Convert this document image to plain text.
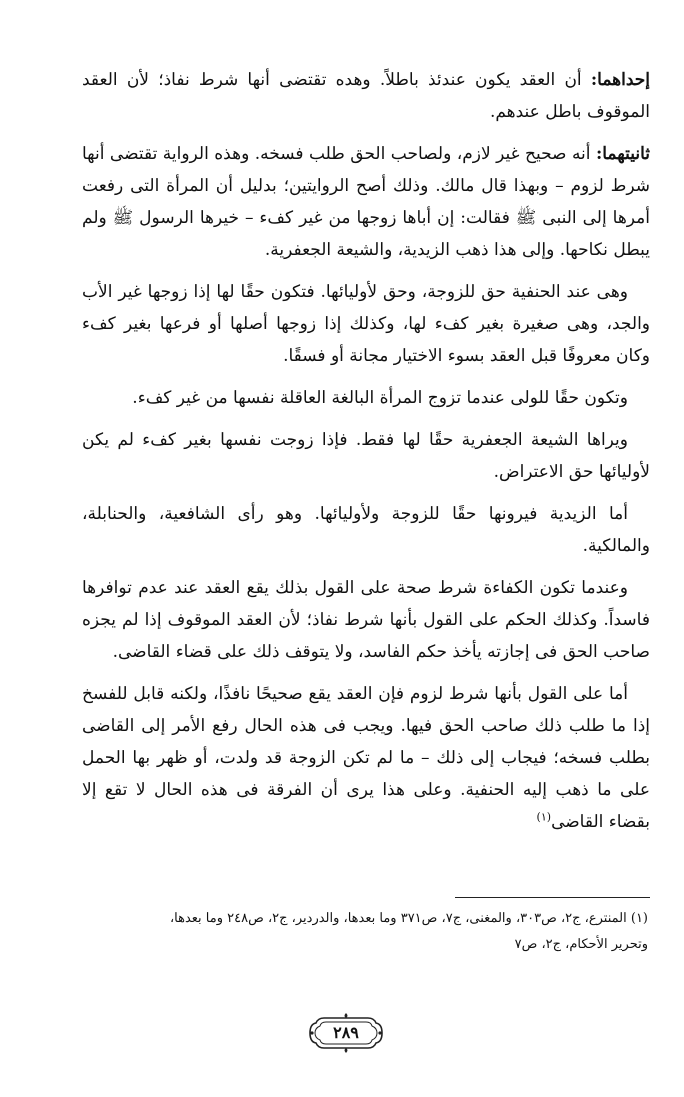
إحداهما: أن العقد يكون عندئذ باطلاً. وهده تقتضى أنها شرط نفاذ؛ لأن العقد الموقوف باطل عندهم.

ثانيتهما: أنه صحيح غير لازم، ولصاحب الحق طلب فسخه. وهذه الرواية تقتضى أنها شرط لزوم – وبهذا قال مالك. وذلك أصح الروايتين؛ بدليل أن المرأة التى رفعت أمرها إلى النبى ﷺ فقالت: إن أباها زوجها من غير كفء – خيرها الرسول ﷺ ولم يبطل نكاحها. وإلى هذا ذهب الزيدية، والشيعة الجعفرية.

وهى عند الحنفية حق للزوجة، وحق لأوليائها. فتكون حقًا لها إذا زوجها غير الأب والجد، وهى صغيرة بغير كفء لها، وكذلك إذا زوجها أصلها أو فرعها بغير كفء وكان معروفًا قبل العقد بسوء الاختيار مجانة أو فسقًا.

وتكون حقًا للولى عندما تزوج المرأة البالغة العاقلة نفسها من غير كفء.

ويراها الشيعة الجعفرية حقًا لها فقط. فإذا زوجت نفسها بغير كفء لم يكن لأوليائها حق الاعتراض.

أما الزيدية فيرونها حقًا للزوجة ولأوليائها. وهو رأى الشافعية، والحنابلة، والمالكية.

وعندما تكون الكفاءة شرط صحة على القول بذلك يقع العقد عند عدم توافرها فاسداً. وكذلك الحكم على القول بأنها شرط نفاذ؛ لأن العقد الموقوف إذا لم يجزه صاحب الحق فى إجازته يأخذ حكم الفاسد، ولا يتوقف ذلك على قضاء القاضى.

أما على القول بأنها شرط لزوم فإن العقد يقع صحيحًا نافذًا، ولكنه قابل للفسخ إذا ما طلب ذلك صاحب الحق فيها. ويجب فى هذه الحال رفع الأمر إلى القاضى بطلب فسخه؛ فيجاب إلى ذلك – ما لم تكن الزوجة قد ولدت، أو ظهر بها الحمل على ما ذهب إليه الحنفية. وعلى هذا يرى أن الفرقة فى هذه الحال لا تقع إلا بقضاء القاضى$^{(١)}$

(١) المنترع، ج٢، ص٣٠٣، والمغنى، ج٧، ص٣٧١ وما بعدها، والدردير، ج٢، ص٢٤٨ وما بعدها،

وتحرير الأحكام، ج٢، ص٧

٢٨٩
